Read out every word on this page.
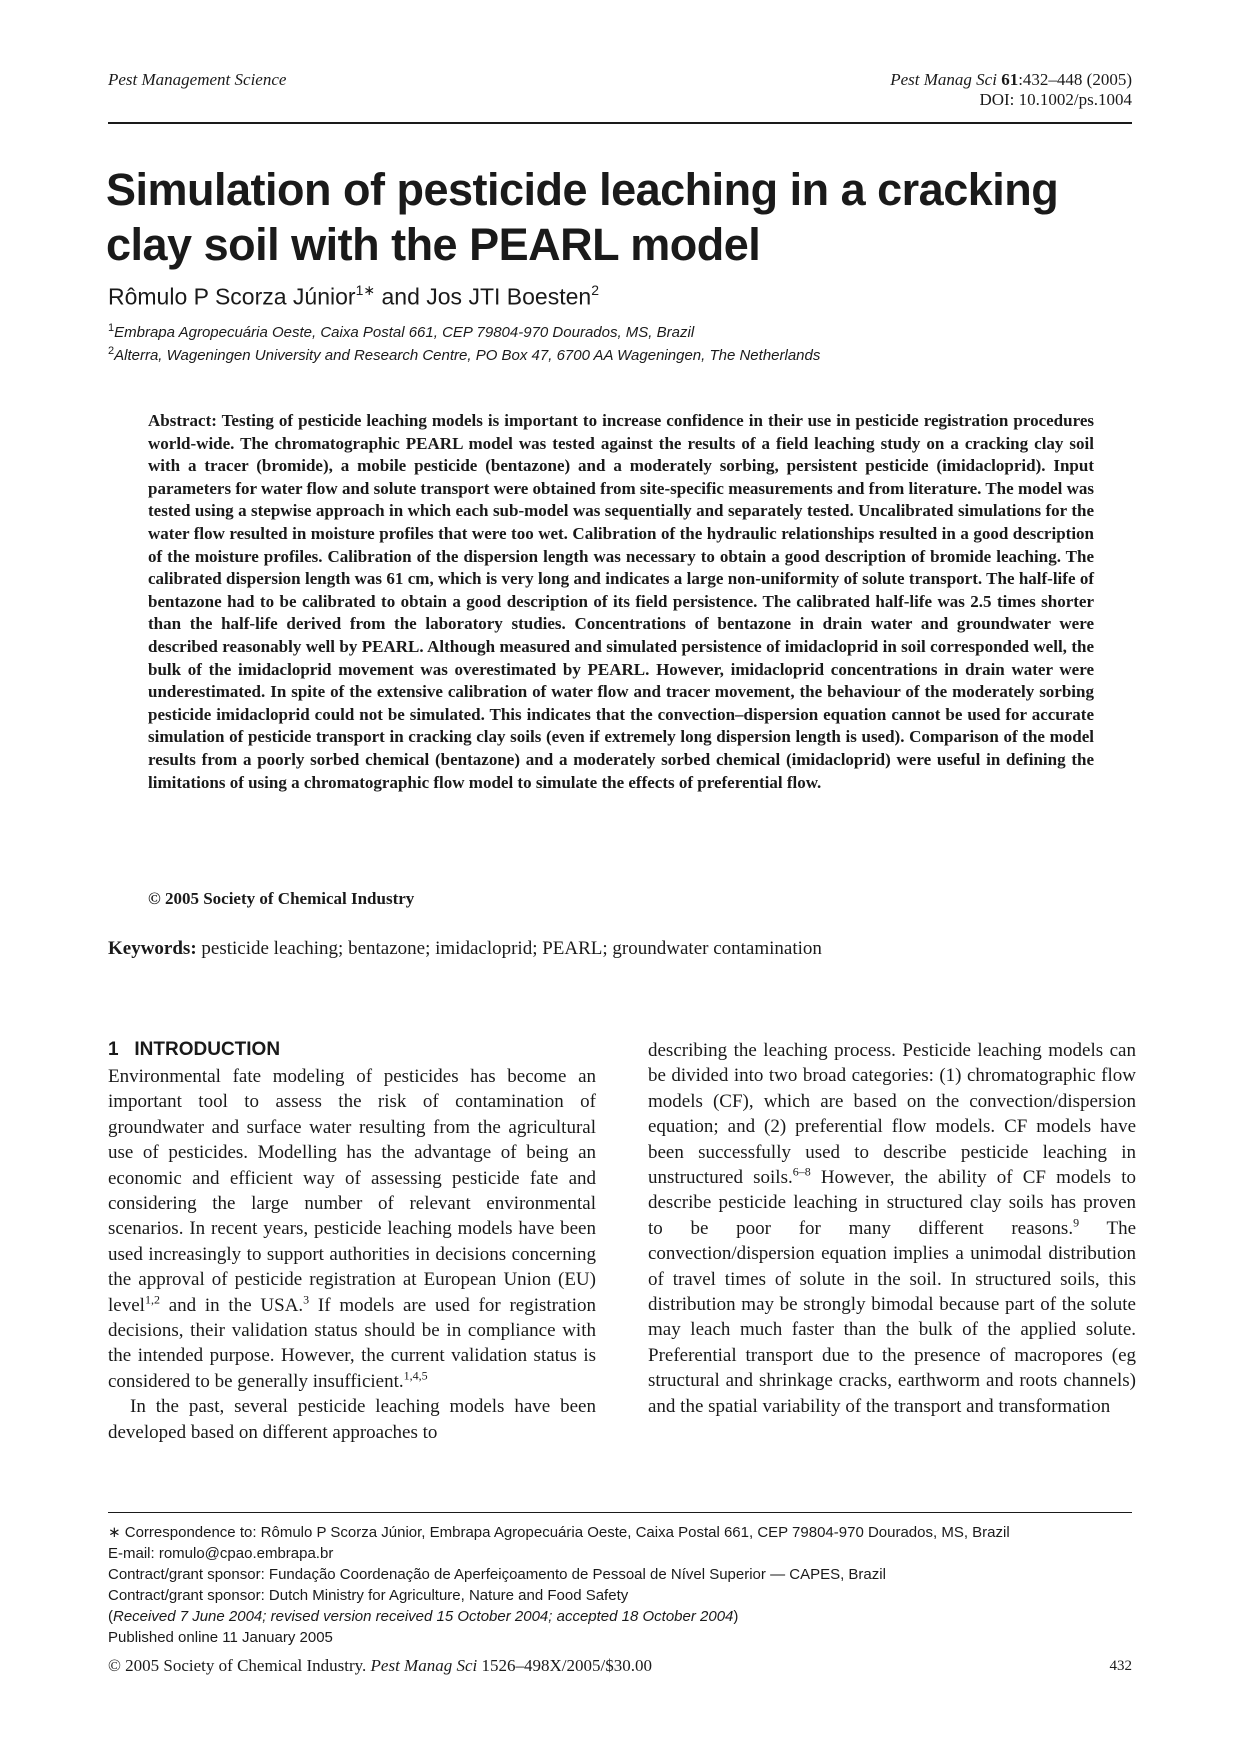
Pest Management Science	Pest Manag Sci 61:432–448 (2005)
DOI: 10.1002/ps.1004
Simulation of pesticide leaching in a cracking clay soil with the PEARL model
Rômulo P Scorza Júnior$^{1∗}$ and Jos JTI Boesten$^2$
$^1$Embrapa Agropecuária Oeste, Caixa Postal 661, CEP 79804-970 Dourados, MS, Brazil
$^2$Alterra, Wageningen University and Research Centre, PO Box 47, 6700 AA Wageningen, The Netherlands
Abstract: Testing of pesticide leaching models is important to increase confidence in their use in pesticide registration procedures world-wide. The chromatographic PEARL model was tested against the results of a field leaching study on a cracking clay soil with a tracer (bromide), a mobile pesticide (bentazone) and a moderately sorbing, persistent pesticide (imidacloprid). Input parameters for water flow and solute transport were obtained from site-specific measurements and from literature. The model was tested using a stepwise approach in which each sub-model was sequentially and separately tested. Uncalibrated simulations for the water flow resulted in moisture profiles that were too wet. Calibration of the hydraulic relationships resulted in a good description of the moisture profiles. Calibration of the dispersion length was necessary to obtain a good description of bromide leaching. The calibrated dispersion length was 61 cm, which is very long and indicates a large non-uniformity of solute transport. The half-life of bentazone had to be calibrated to obtain a good description of its field persistence. The calibrated half-life was 2.5 times shorter than the half-life derived from the laboratory studies. Concentrations of bentazone in drain water and groundwater were described reasonably well by PEARL. Although measured and simulated persistence of imidacloprid in soil corresponded well, the bulk of the imidacloprid movement was overestimated by PEARL. However, imidacloprid concentrations in drain water were underestimated. In spite of the extensive calibration of water flow and tracer movement, the behaviour of the moderately sorbing pesticide imidacloprid could not be simulated. This indicates that the convection–dispersion equation cannot be used for accurate simulation of pesticide transport in cracking clay soils (even if extremely long dispersion length is used). Comparison of the model results from a poorly sorbed chemical (bentazone) and a moderately sorbed chemical (imidacloprid) were useful in defining the limitations of using a chromatographic flow model to simulate the effects of preferential flow.
© 2005 Society of Chemical Industry
Keywords: pesticide leaching; bentazone; imidacloprid; PEARL; groundwater contamination
1   INTRODUCTION

Environmental fate modeling of pesticides has become an important tool to assess the risk of contamination of groundwater and surface water resulting from the agricultural use of pesticides. Modelling has the advantage of being an economic and efficient way of assessing pesticide fate and considering the large number of relevant environmental scenarios. In recent years, pesticide leaching models have been used increasingly to support authorities in decisions concerning the approval of pesticide registration at European Union (EU) level$^{1,2}$ and in the USA.$^3$ If models are used for registration decisions, their validation status should be in compliance with the intended purpose. However, the current validation status is considered to be generally insufficient.$^{1,4,5}$

In the past, several pesticide leaching models have been developed based on different approaches to

describing the leaching process. Pesticide leaching models can be divided into two broad categories: (1) chromatographic flow models (CF), which are based on the convection/dispersion equation; and (2) preferential flow models. CF models have been successfully used to describe pesticide leaching in unstructured soils.$^{6-8}$ However, the ability of CF models to describe pesticide leaching in structured clay soils has proven to be poor for many different reasons.$^9$ The convection/dispersion equation implies a unimodal distribution of travel times of solute in the soil. In structured soils, this distribution may be strongly bimodal because part of the solute may leach much faster than the bulk of the applied solute. Preferential transport due to the presence of macropores (eg structural and shrinkage cracks, earthworm and roots channels) and the spatial variability of the transport and transformation

∗ Correspondence to: Rômulo P Scorza Júnior, Embrapa Agropecuária Oeste, Caixa Postal 661, CEP 79804-970 Dourados, MS, Brazil
E-mail: romulo@cpao.embrapa.br
Contract/grant sponsor: Fundação Coordenação de Aperfeiçoamento de Pessoal de Nível Superior — CAPES, Brazil
Contract/grant sponsor: Dutch Ministry for Agriculture, Nature and Food Safety
(Received 7 June 2004; revised version received 15 October 2004; accepted 18 October 2004)
Published online 11 January 2005
© 2005 Society of Chemical Industry. Pest Manag Sci 1526–498X/2005/$30.00	432
